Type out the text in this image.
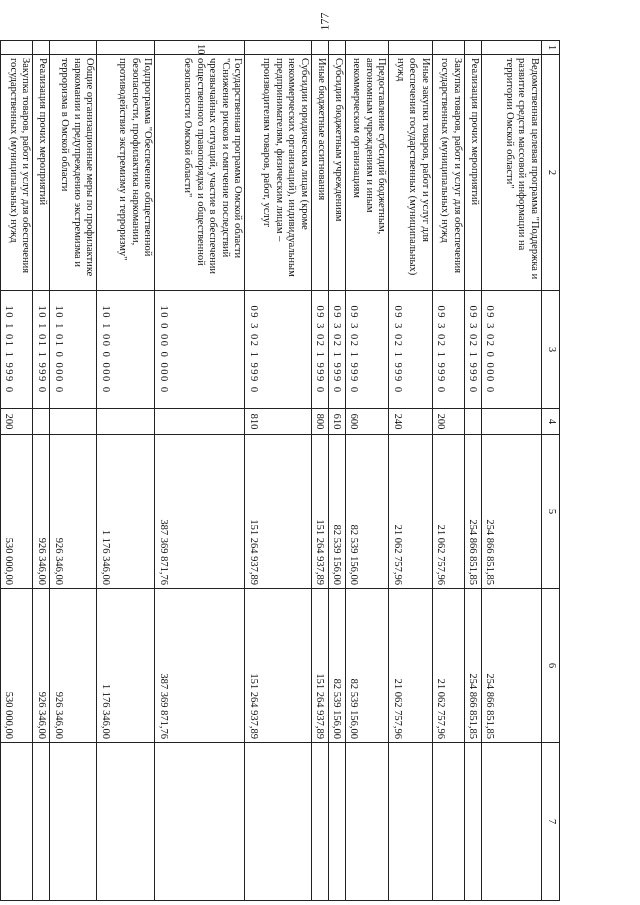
177
1	2	3	4	5	6	7
	Ведомственная целевая программа "Поддержка и развитие средств массовой информации на территории Омской области"	09 3 02 0 000 0		254 866 851,85	254 866 851,85	
	Реализация прочих мероприятий	09 3 02 1 999 0		254 866 851,85	254 866 851,85	
	Закупка товаров, работ и услуг для обеспечения государственных (муниципальных) нужд	09 3 02 1 999 0	200	21 062 757,96	21 062 757,96	
	Иные закупки товаров, работ и услуг для обеспечения государственных (муниципальных) нужд	09 3 02 1 999 0	240	21 062 757,96	21 062 757,96	
	Предоставление субсидий бюджетным, автономным учреждениям и иным некоммерческим организациям	09 3 02 1 999 0	600	82 539 156,00	82 539 156,00	
	Субсидии бюджетным учреждениям	09 3 02 1 999 0	610	82 539 156,00	82 539 156,00	
	Иные бюджетные ассигнования	09 3 02 1 999 0	800	151 264 937,89	151 264 937,89	
	Субсидии юридическим лицам (кроме некоммерческих организаций), индивидуальным предпринимателям, физическим лицам – производителям товаров, работ, услуг	09 3 02 1 999 0	810	151 264 937,89	151 264 937,89	
10	Государственная программа Омской области "Снижение рисков и смягчение последствий чрезвычайных ситуаций, участие в обеспечении общественного правопорядка и общественной безопасности Омской области"	10 0 00 0 000 0		387 369 871,76	387 369 871,76	
	Подпрограмма "Обеспечение общественной безопасности, профилактика наркомании, противодействие экстремизму и терроризму"	10 1 00 0 000 0		1 176 346,00	1 176 346,00	
	Общие организационные меры по профилактике наркомании и предупреждению экстремизма и терроризма в Омской области	10 1 01 0 000 0		926 346,00	926 346,00	
	Реализация прочих мероприятий	10 1 01 1 999 0		926 346,00	926 346,00	
	Закупка товаров, работ и услуг для обеспечения государственных (муниципальных) нужд	10 1 01 1 999 0	200	530 000,00	530 000,00	
